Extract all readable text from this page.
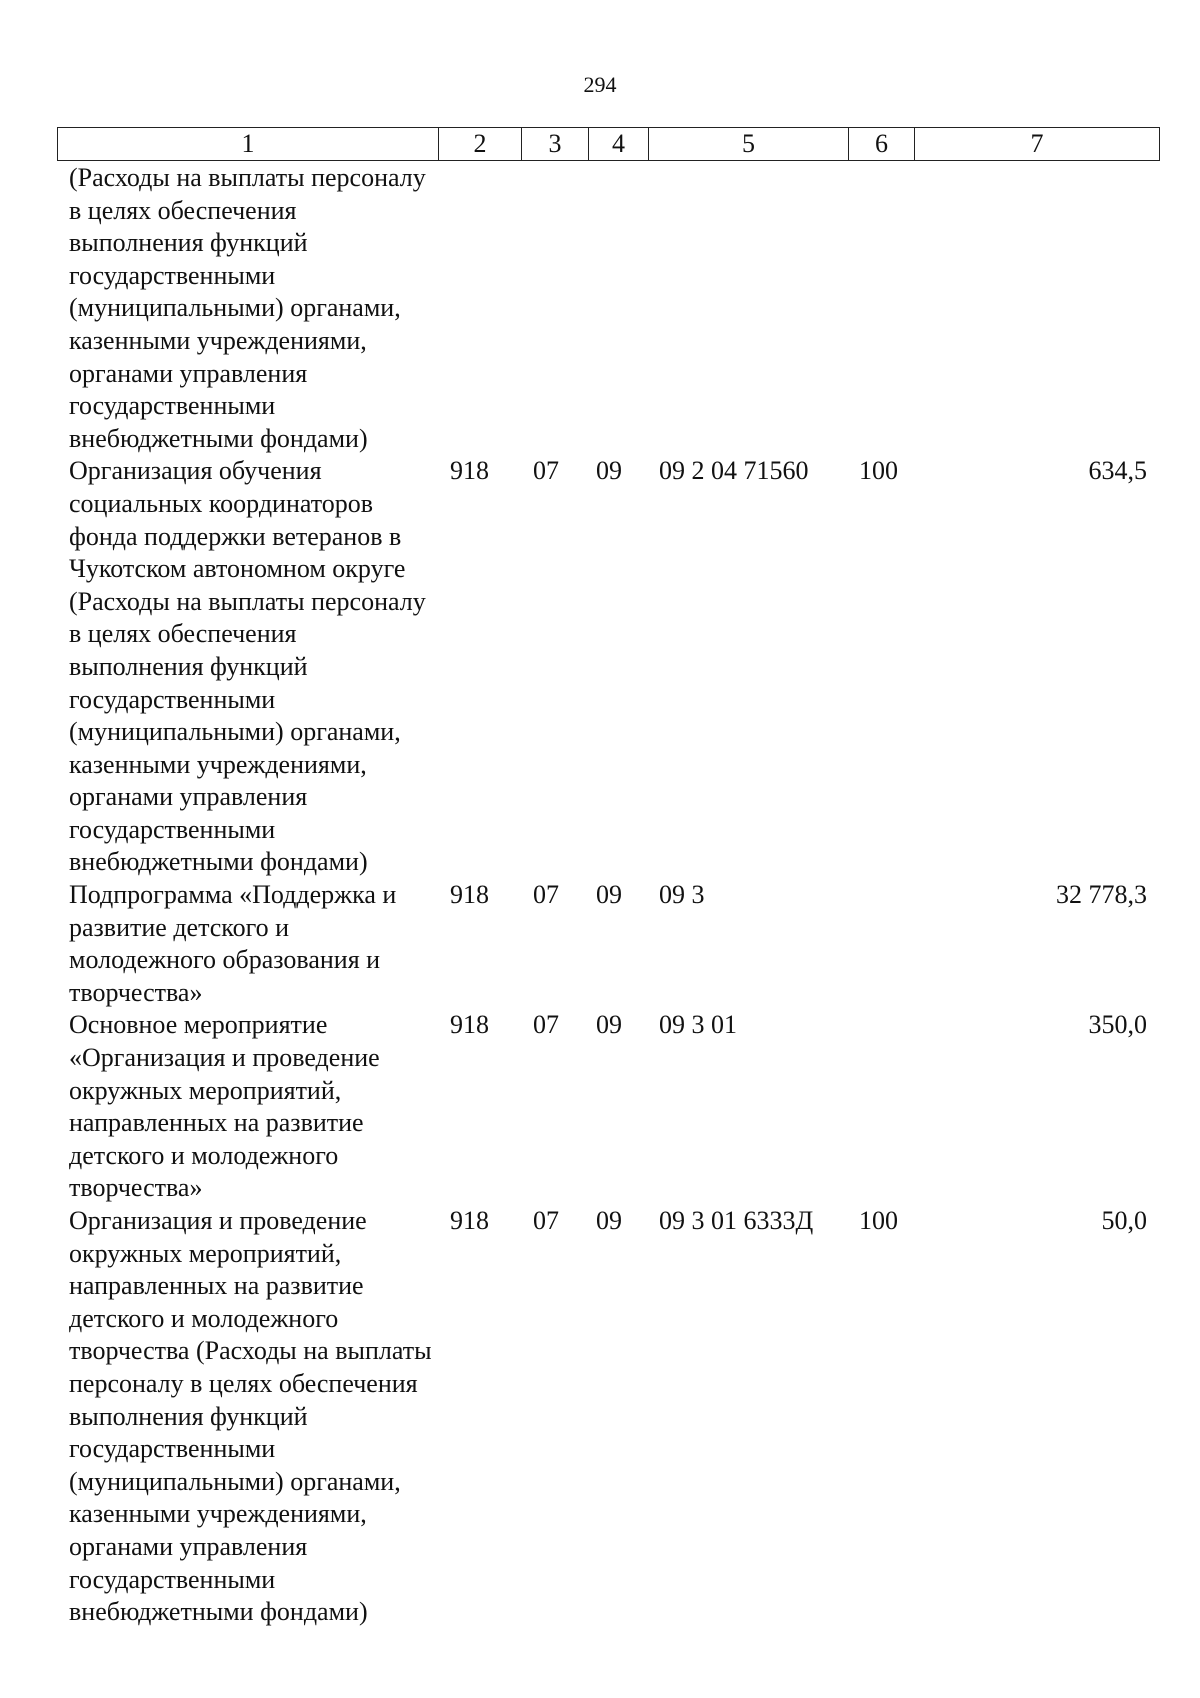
294
1	2	3	4	5	6	7
(Расходы на выплаты персоналу в целях обеспечения выполнения функций государственными (муниципальными) органами, казенными учреждениями, органами управления государственными внебюджетными фондами)						
Организация обучения социальных координаторов фонда поддержки ветеранов в Чукотском автономном округе (Расходы на выплаты персоналу в целях обеспечения выполнения функций государственными (муниципальными) органами, казенными учреждениями, органами управления государственными внебюджетными фондами)	918	07	09	09 2 04 71560	100	634,5
Подпрограмма «Поддержка и развитие детского и молодежного образования и творчества»	918	07	09	09 3		32 778,3
Основное мероприятие «Организация и проведение окружных мероприятий, направленных на развитие детского и молодежного творчества»	918	07	09	09 3 01		350,0
Организация и проведение окружных мероприятий, направленных на развитие детского и молодежного творчества (Расходы на выплаты персоналу в целях обеспечения выполнения функций государственными (муниципальными) органами, казенными учреждениями, органами управления государственными внебюджетными фондами)	918	07	09	09 3 01 6333Д	100	50,0
